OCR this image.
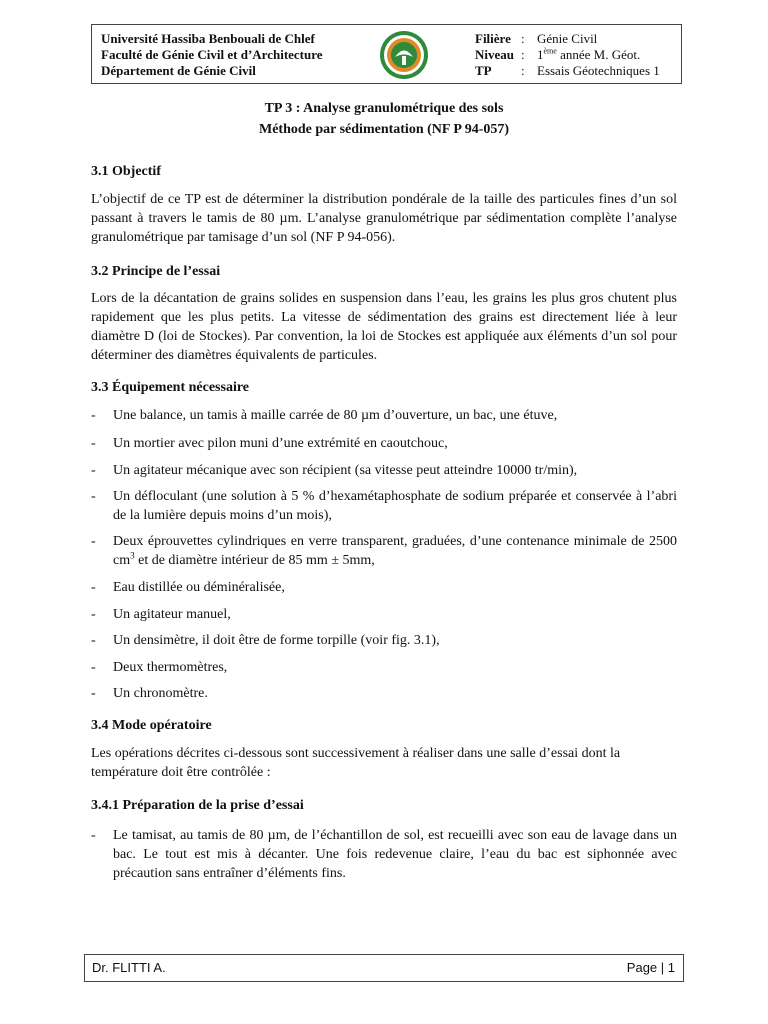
Université Hassiba Benbouali de Chlef
Faculté de Génie Civil et d’Architecture
Département de Génie Civil
Filière : Génie Civil
Niveau : 1ème année M. Géot.
TP	: Essais Géotechniques 1
TP 3 : Analyse granulométrique des sols
Méthode par sédimentation (NF P 94-057)
3.1 Objectif
L’objectif de ce TP est de déterminer la distribution pondérale de la taille des particules fines d’un sol passant à travers le tamis de 80 µm. L’analyse granulométrique par sédimentation complète l’analyse granulométrique par tamisage d’un sol (NF P 94-056).
3.2 Principe de l’essai
Lors de la décantation de grains solides en suspension dans l’eau, les grains les plus gros chutent plus rapidement que les plus petits. La vitesse de sédimentation des grains est directement liée à leur diamètre D (loi de Stockes). Par convention, la loi de Stockes est appliquée aux éléments d’un sol pour déterminer des diamètres équivalents de particules.
3.3 Équipement nécessaire
-	Une balance, un tamis à maille carrée de 80 µm d’ouverture, un bac, une étuve,
-	Un mortier avec pilon muni d’une extrémité en caoutchouc,
-	Un agitateur mécanique avec son récipient (sa vitesse peut atteindre 10000 tr/min),
-	Un défloculant (une solution à 5 % d’hexamétaphosphate de sodium préparée et conservée à l’abri de la lumière depuis moins d’un mois),
-	Deux éprouvettes cylindriques en verre transparent, graduées, d’une contenance minimale de 2500 $cm^3$ et de diamètre intérieur de 85 mm ± 5mm,
-	Eau distillée ou déminéralisée,
-	Un agitateur manuel,
-	Un densimètre, il doit être de forme torpille (voir fig. 3.1),
-	Deux thermomètres,
-	Un chronomètre.
3.4 Mode opératoire
Les opérations décrites ci-dessous sont successivement à réaliser dans une salle d’essai dont la température doit être contrôlée :
3.4.1 Préparation de la prise d’essai
-	Le tamisat, au tamis de 80 µm, de l’échantillon de sol, est recueilli avec son eau de lavage dans un bac. Le tout est mis à décanter. Une fois redevenue claire, l’eau du bac est siphonnée avec précaution sans entraîner d’éléments fins.
Dr. FLITTI A.	Page | 1
